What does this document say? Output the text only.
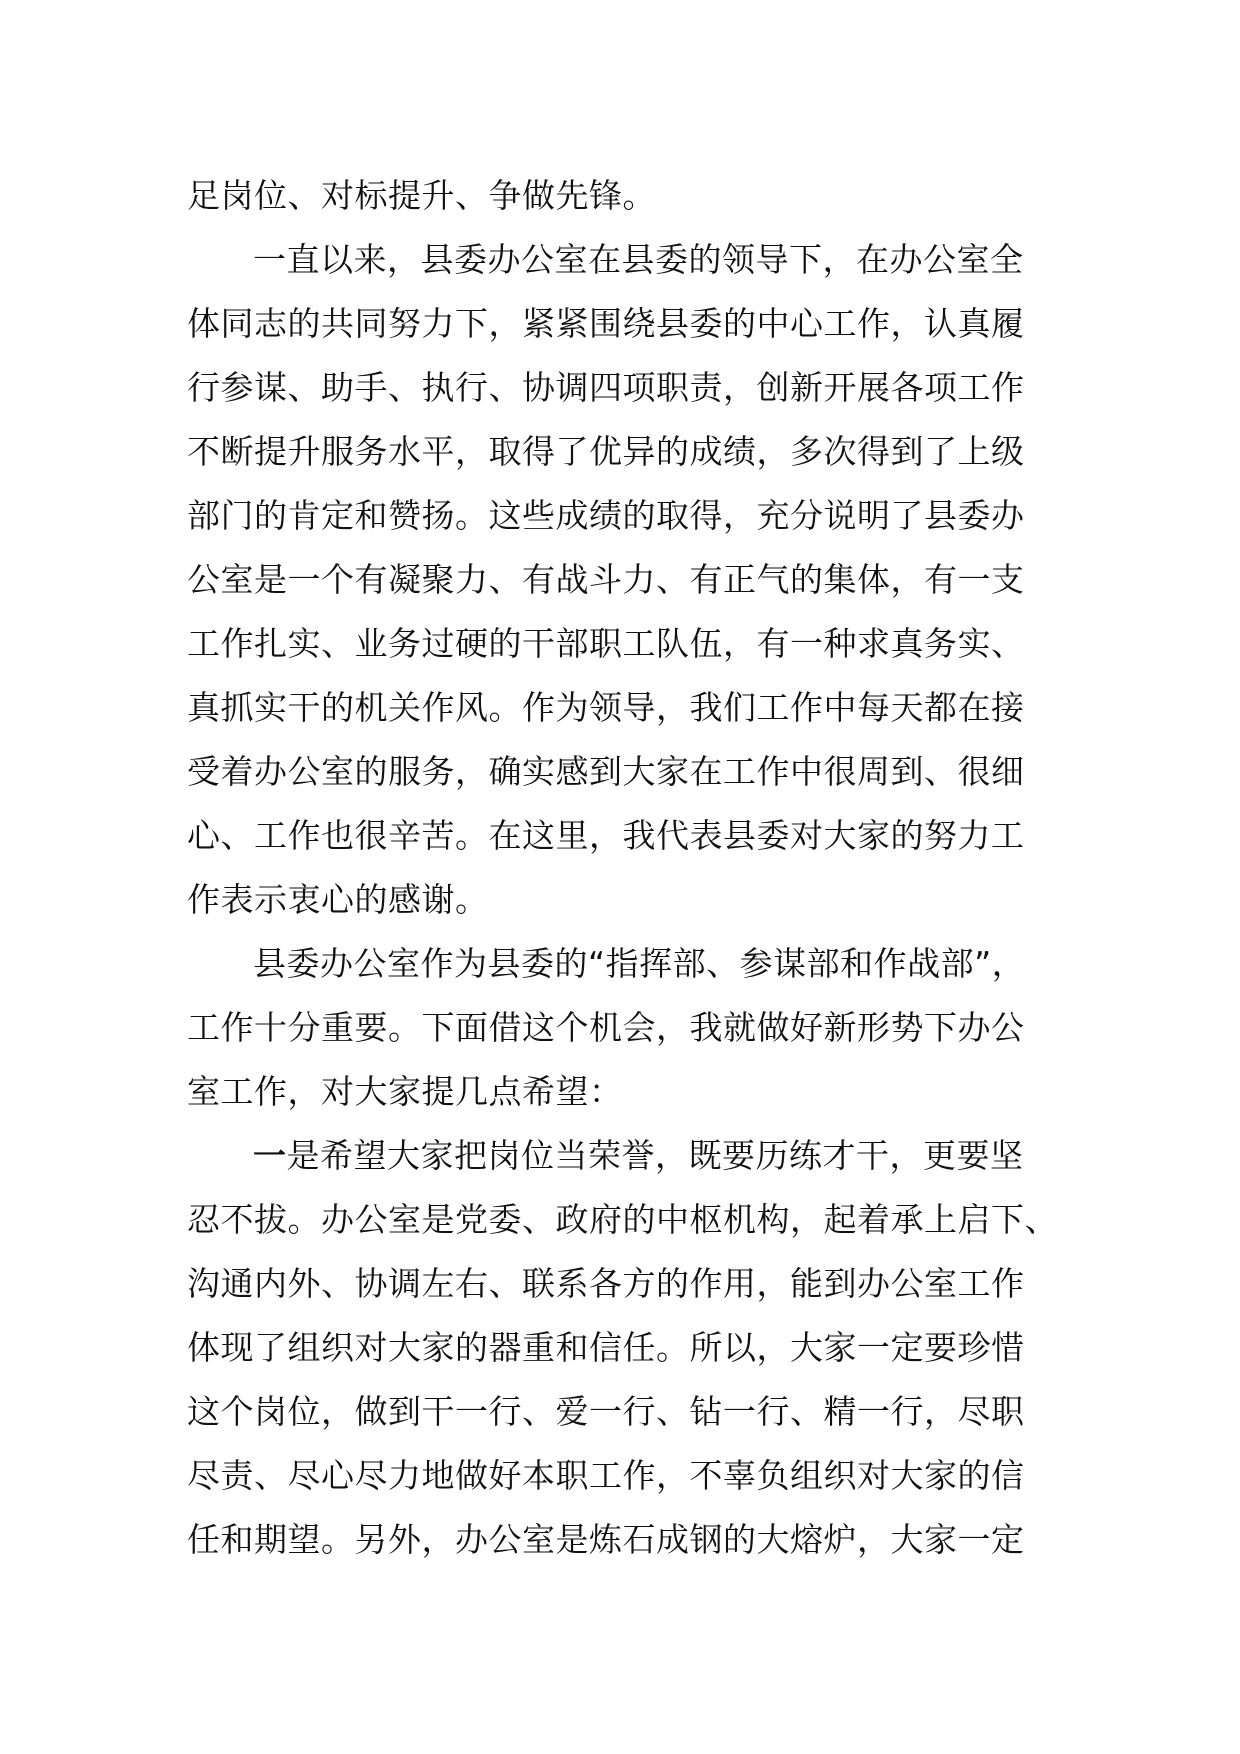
足岗位、对标提升、争做先锋。
一直以来，县委办公室在县委的领导下，在办公室全
体同志的共同努力下，紧紧围绕县委的中心工作，认真履
行参谋、助手、执行、协调四项职责，创新开展各项工作
不断提升服务水平，取得了优异的成绩，多次得到了上级
部门的肯定和赞扬。这些成绩的取得，充分说明了县委办
公室是一个有凝聚力、有战斗力、有正气的集体，有一支
工作扎实、业务过硬的干部职工队伍，有一种求真务实、
真抓实干的机关作风。作为领导，我们工作中每天都在接
受着办公室的服务，确实感到大家在工作中很周到、很细
心、工作也很辛苦。在这里，我代表县委对大家的努力工
作表示衷心的感谢。
县委办公室作为县委的“指挥部、参谋部和作战部”，
工作十分重要。下面借这个机会，我就做好新形势下办公
室工作，对大家提几点希望：
一是希望大家把岗位当荣誉，既要历练才干，更要坚
忍不拔。办公室是党委、政府的中枢机构，起着承上启下、
沟通内外、协调左右、联系各方的作用，能到办公室工作
体现了组织对大家的器重和信任。所以，大家一定要珍惜
这个岗位，做到干一行、爱一行、钻一行、精一行，尽职
尽责、尽心尽力地做好本职工作，不辜负组织对大家的信
任和期望。另外，办公室是炼石成钢的大熔炉，大家一定
